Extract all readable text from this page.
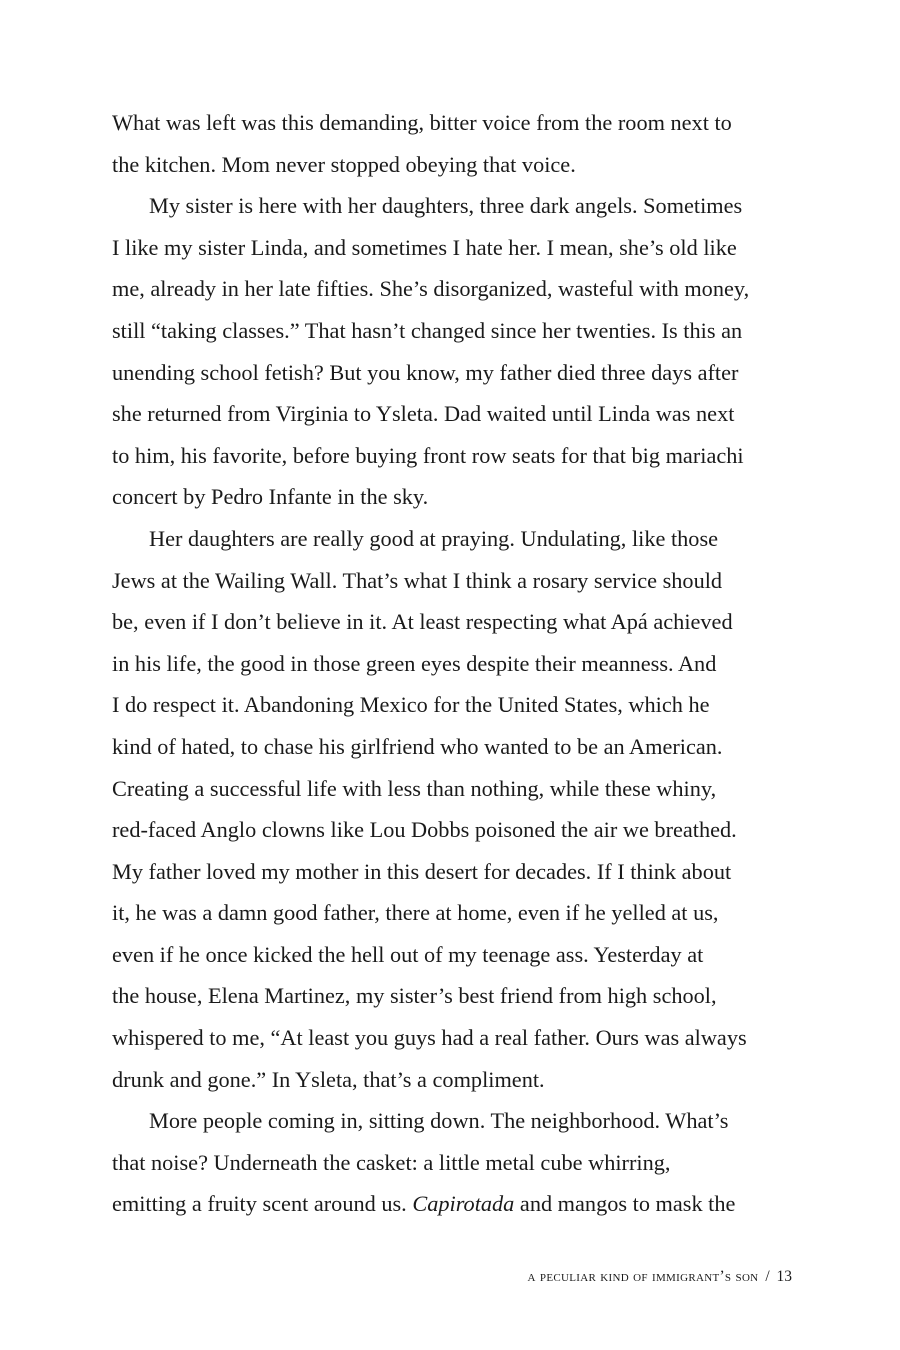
What was left was this demanding, bitter voice from the room next to
the kitchen. Mom never stopped obeying that voice.
My sister is here with her daughters, three dark angels. Sometimes
I like my sister Linda, and sometimes I hate her. I mean, she’s old like
me, already in her late fifties. She’s disorganized, wasteful with money,
still “taking classes.” That hasn’t changed since her twenties. Is this an
unending school fetish? But you know, my father died three days after
she returned from Virginia to Ysleta. Dad waited until Linda was next
to him, his favorite, before buying front row seats for that big mariachi
concert by Pedro Infante in the sky.
Her daughters are really good at praying. Undulating, like those
Jews at the Wailing Wall. That’s what I think a rosary service should
be, even if I don’t believe in it. At least respecting what Apá achieved
in his life, the good in those green eyes despite their meanness. And
I do respect it. Abandoning Mexico for the United States, which he
kind of hated, to chase his girlfriend who wanted to be an American.
Creating a successful life with less than nothing, while these whiny,
red-faced Anglo clowns like Lou Dobbs poisoned the air we breathed.
My father loved my mother in this desert for decades. If I think about
it, he was a damn good father, there at home, even if he yelled at us,
even if he once kicked the hell out of my teenage ass. Yesterday at
the house, Elena Martinez, my sister’s best friend from high school,
whispered to me, “At least you guys had a real father. Ours was always
drunk and gone.” In Ysleta, that’s a compliment.
More people coming in, sitting down. The neighborhood. What’s
that noise? Underneath the casket: a little metal cube whirring,
emitting a fruity scent around us. Capirotada and mangos to mask the
a peculiar kind of immigrant’s son / 13
